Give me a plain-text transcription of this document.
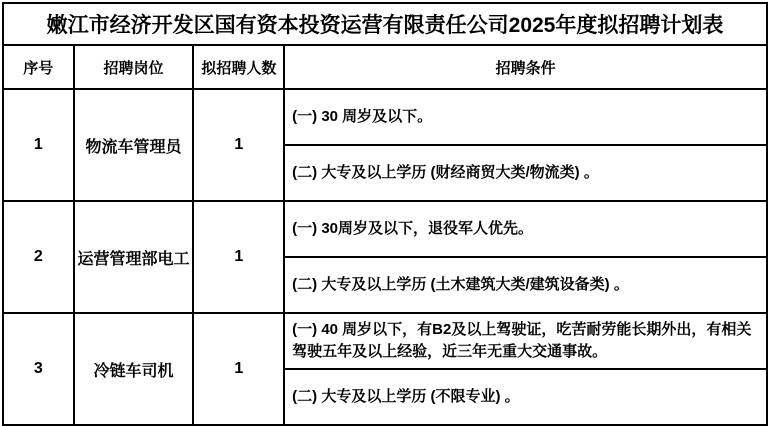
嫩江市经济开发区国有资本投资运营有限责任公司2025年度拟招聘计划表			
序号	招聘岗位	拟招聘人数	招聘条件
1	物流车管理员	1	(一) 30 周岁及以下。
			(二) 大专及以上学历 (财经商贸大类/物流类) 。
2	运营管理部电工	1	(一) 30周岁及以下，退役军人优先。
			(二) 大专及以上学历 (土木建筑大类/建筑设备类) 。
3	冷链车司机	1	(一) 40 周岁以下，有B2及以上驾驶证，吃苦耐劳能长期外出，有相关驾驶五年及以上经验，近三年无重大交通事故。
			(二) 大专及以上学历 (不限专业) 。
